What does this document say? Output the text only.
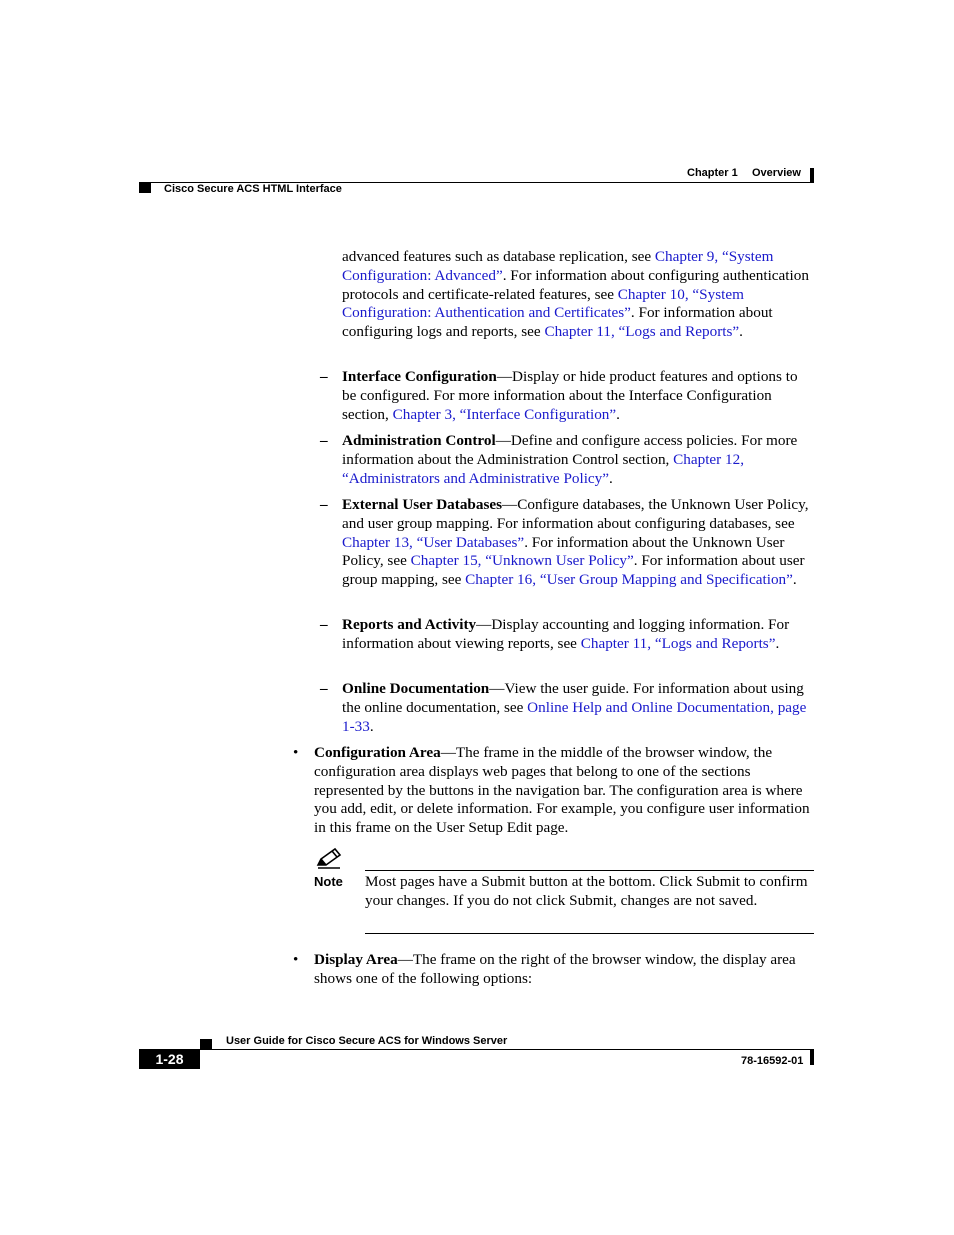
Chapter 1 Overview
Cisco Secure ACS HTML Interface
advanced features such as database replication, see Chapter 9, “System Configuration: Advanced”. For information about configuring authentication protocols and certificate-related features, see Chapter 10, “System Configuration: Authentication and Certificates”. For information about configuring logs and reports, see Chapter 11, “Logs and Reports”.
– Interface Configuration—Display or hide product features and options to be configured. For more information about the Interface Configuration section, Chapter 3, “Interface Configuration”.
– Administration Control—Define and configure access policies. For more information about the Administration Control section, Chapter 12, “Administrators and Administrative Policy”.
– External User Databases—Configure databases, the Unknown User Policy, and user group mapping. For information about configuring databases, see Chapter 13, “User Databases”. For information about the Unknown User Policy, see Chapter 15, “Unknown User Policy”. For information about user group mapping, see Chapter 16, “User Group Mapping and Specification”.
– Reports and Activity—Display accounting and logging information. For information about viewing reports, see Chapter 11, “Logs and Reports”.
– Online Documentation—View the user guide. For information about using the online documentation, see Online Help and Online Documentation, page 1-33.
• Configuration Area—The frame in the middle of the browser window, the configuration area displays web pages that belong to one of the sections represented by the buttons in the navigation bar. The configuration area is where you add, edit, or delete information. For example, you configure user information in this frame on the User Setup Edit page.
Note Most pages have a Submit button at the bottom. Click Submit to confirm your changes. If you do not click Submit, changes are not saved.
• Display Area—The frame on the right of the browser window, the display area shows one of the following options:
User Guide for Cisco Secure ACS for Windows Server
1-28	78-16592-01
